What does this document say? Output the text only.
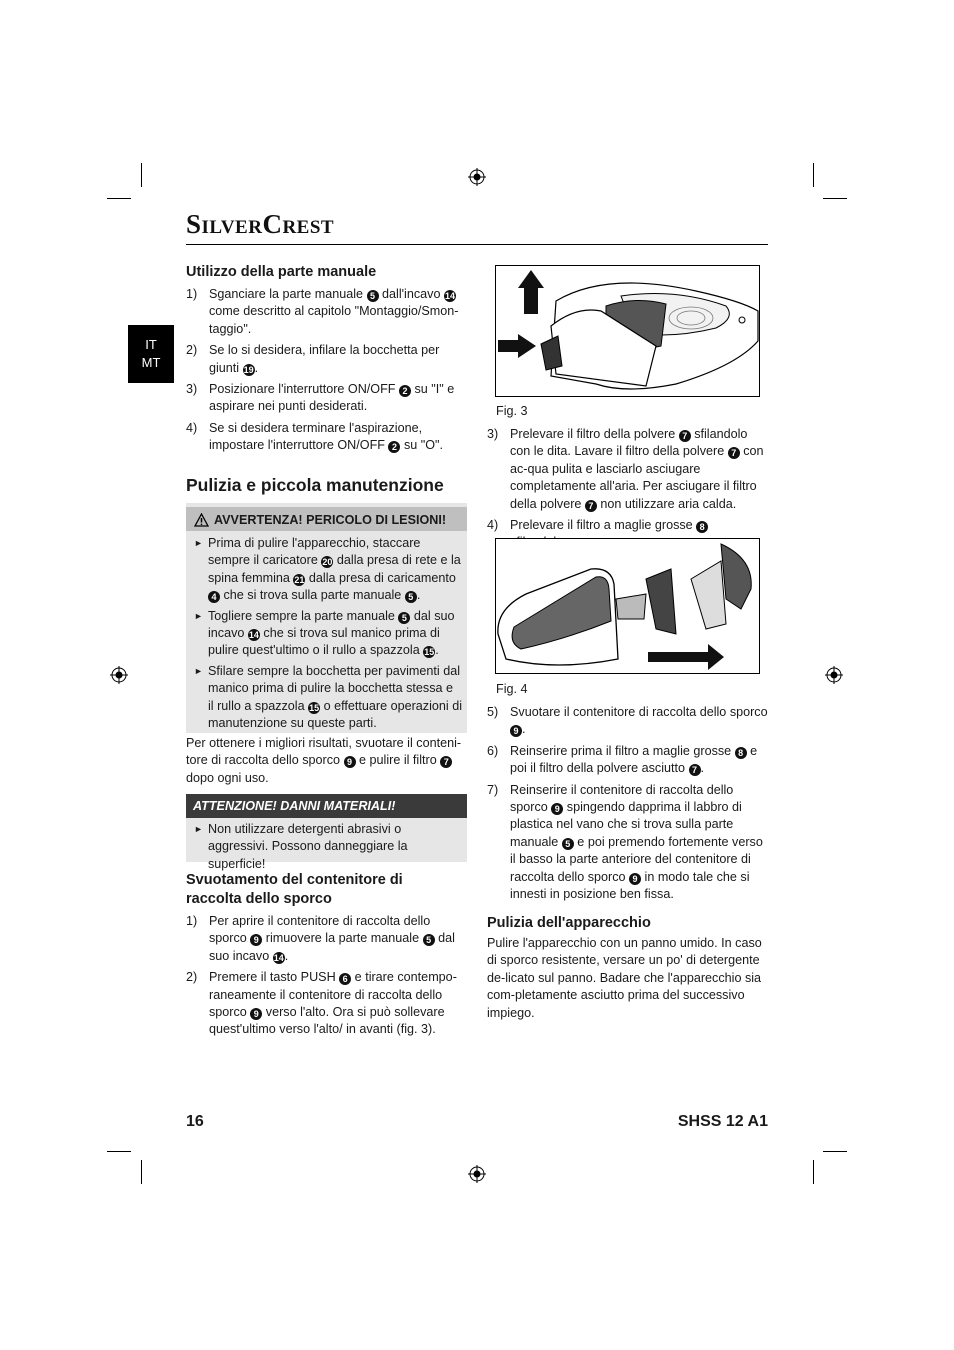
SilverCrest
IT
MT

Utilizzo della parte manuale

1) Sganciare la parte manuale 5 dall'incavo 14 come descritto al capitolo "Montaggio/Smon-taggio".
2) Se lo si desidera, infilare la bocchetta per giunti 19.
3) Posizionare l'interruttore ON/OFF 2 su "I" e aspirare nei punti desiderati.
4) Se si desidera terminare l'aspirazione, impostare l'interruttore ON/OFF 2 su "O".

Pulizia e piccola manutenzione

AVVERTENZA! PERICOLO DI LESIONI!
► Prima di pulire l'apparecchio, staccare sempre il caricatore 20 dalla presa di rete e la spina femmina 21 dalla presa di caricamento 4 che si trova sulla parte manuale 5 .
► Togliere sempre la parte manuale 5 dal suo incavo 14 che si trova sul manico prima di pulire quest'ultimo o il rullo a spazzola 15.
► Sfilare sempre la bocchetta per pavimenti dal manico prima di pulire la bocchetta stessa e il rullo a spazzola 15 o effettuare operazioni di manutenzione su queste parti.

Per ottenere i migliori risultati, svuotare il conteni-tore di raccolta dello sporco 9 e pulire il filtro 7 dopo ogni uso.

ATTENZIONE! DANNI MATERIALI!
► Non utilizzare detergenti abrasivi o aggressivi. Possono danneggiare la superficie!

Svuotamento del contenitore di raccolta dello sporco

1) Per aprire il contenitore di raccolta dello sporco 9 rimuovere la parte manuale 5 dal suo incavo 14.
2) Premere il tasto PUSH 6 e tirare contempo-raneamente il contenitore di raccolta dello sporco 9 verso l'alto. Ora si può sollevare quest'ultimo verso l'alto/ in avanti (fig. 3).
Fig. 3
3) Prelevare il filtro della polvere 7 sfilandolo con le dita. Lavare il filtro della polvere 7 con ac-qua pulita e lasciarlo asciugare completamente all'aria. Per asciugare il filtro della polvere 7 non utilizzare aria calda.
4) Prelevare il filtro a maglie grosse 8
Fig. 4
5) Svuotare il contenitore di raccolta dello sporco 9 .
6) Reinserire prima il filtro a maglie grosse 8 e poi il filtro della polvere asciutto 7 .
7) Reinserire il contenitore di raccolta dello sporco 9 spingendo dapprima il labbro di plastica nel vano che si trova sulla parte manuale 5 e poi premendo fortemente verso il basso la parte anteriore del contenitore di raccolta dello sporco 9 in modo tale che si innesti in posizione ben fissa.

Pulizia dell'apparecchio

Pulire l'apparecchio con un panno umido. In caso di sporco resistente, versare un po' di detergente de-licato sul panno. Badare che l'apparecchio sia com-pletamente asciutto prima del successivo impiego.

16	SHSS 12 A1
